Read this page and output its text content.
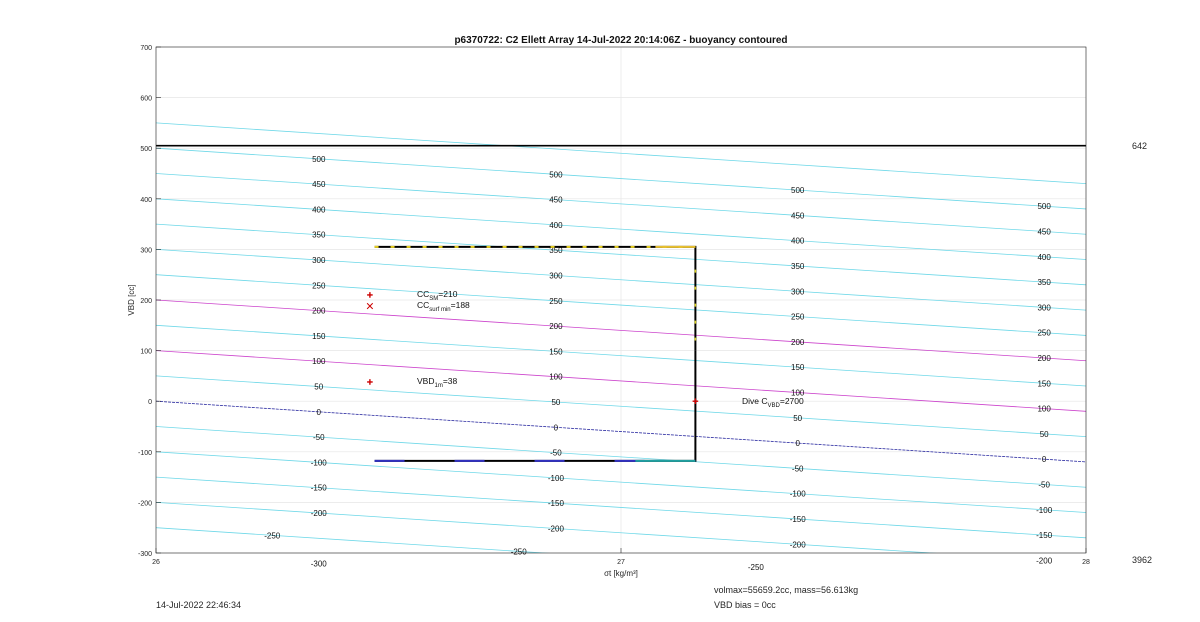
-300
-200
-150
-100
-50
0
50
100
150
200
250
300
350
400
450
500
-200
-150
-100
-50
0
50
100
150
200
250
300
350
400
450
500
-200
-150
-100
-50
0
50
100
150
200
250
300
350
400
450
500
-200
-150
-100
-50
0
50
100
150
200
250
300
350
400
450
500
-250
-250
-250
-300
-200
-100
0
100
200
300
400
500
600
700
26	27	28
p6370722: C2 Ellett Array 14-Jul-2022 20:14:06Z - buoyancy contoured
VBD [cc]
σt [kg/m³]
642
3962
$CC_{SM}=210$
$CC_{surf min}=188$
$VBD_{1m}=38$
Dive $C_{VBD}=2700$
14-Jul-2022 22:46:34
volmax=55659.2cc, mass=56.613kg
VBD bias = 0cc
